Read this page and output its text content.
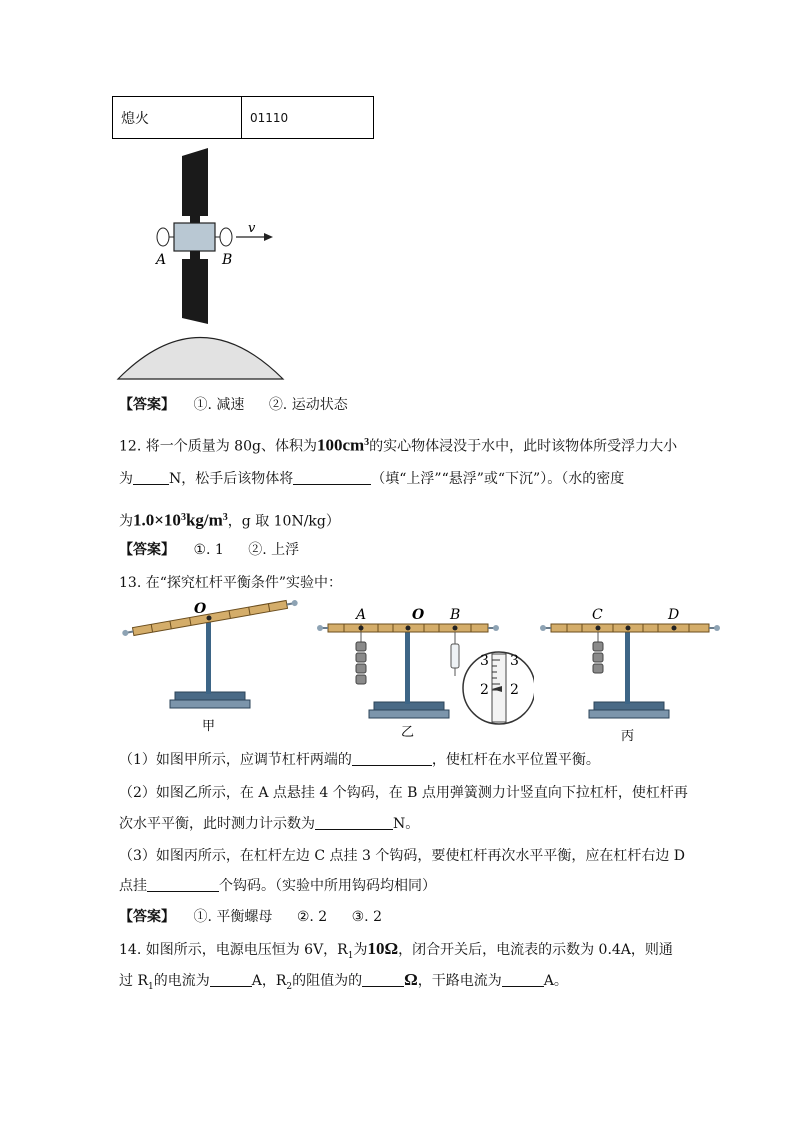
熄火	01110
v
A	B
【答案】 ①. 减速 ②. 运动状态
12. 将一个质量为 80g、体积为$100cm^3$的实心物体浸没于水中，此时该物体所受浮力大小
为	N，松手后该物体将	（填“上浮”“悬浮”或“下沉”）。（水的密度
为$1.0\times 10^3kg/m^3$，g 取 10N/kg）
【答案】 ①. 1 ②. 上浮
13. 在“探究杠杆平衡条件”实验中：
O
甲
A	O B
3 3
2 2
乙
C	D
丙
（1）如图甲所示，应调节杠杆两端的	，使杠杆在水平位置平衡。
（2）如图乙所示，在 A 点悬挂 4 个钩码，在 B 点用弹簧测力计竖直向下拉杠杆，使杠杆再
次水平平衡，此时测力计示数为	N。
（3）如图丙所示，在杠杆左边 C 点挂 3 个钩码，要使杠杆再次水平平衡，应在杠杆右边 D
点挂	个钩码。（实验中所用钩码均相同）
【答案】 ①. 平衡螺母 ②. 2 ③. 2
14. 如图所示，电源电压恒为 6V，$R_1$为10Ω，闭合开关后，电流表的示数为 0.4A，则通
过 $R_1$的电流为	A，$R_2$的阻值为的 Ω，干路电流为	A。
